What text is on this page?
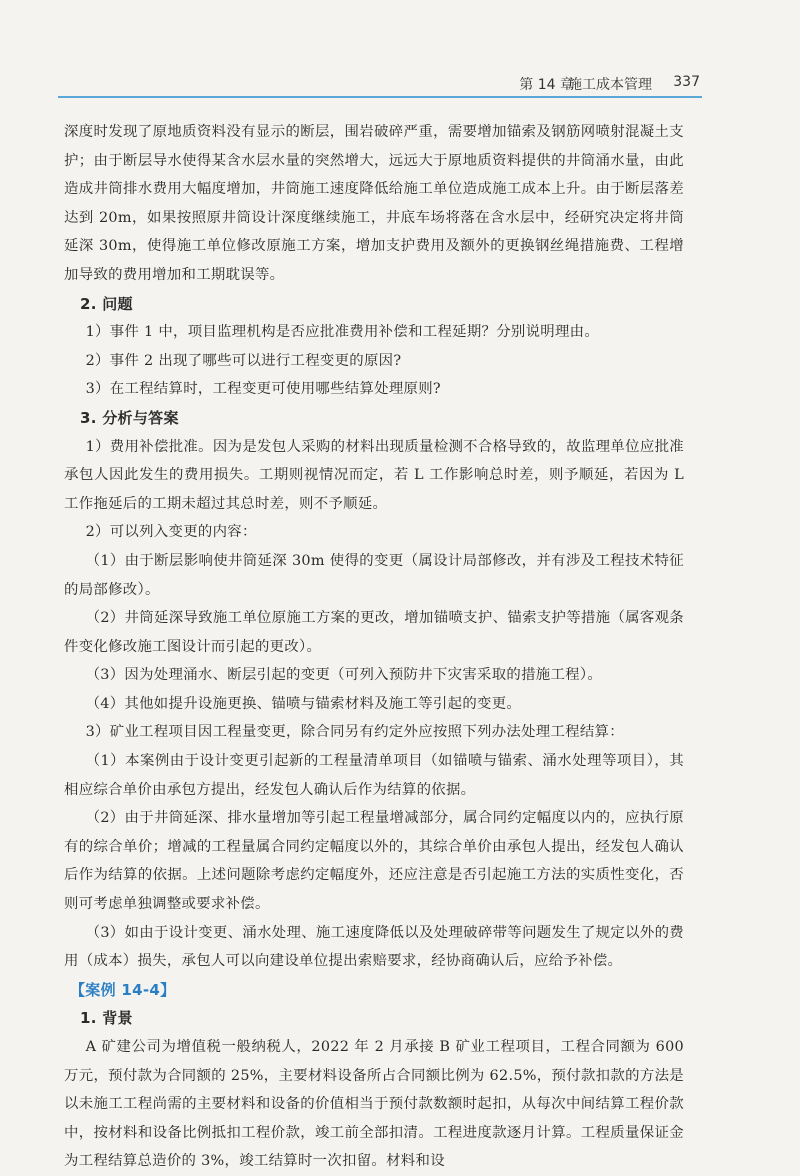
第 14 章
施工成本管理 337

深度时发现了原地质资料没有显示的断层，围岩破碎严重，需要增加锚索及钢筋网喷射混凝土支护；由于断层导水使得某含水层水量的突然增大，远远大于原地质资料提供的井筒涌水量，由此造成井筒排水费用大幅度增加，井筒施工速度降低给施工单位造成施工成本上升。由于断层落差达到 20m，如果按照原井筒设计深度继续施工，井底车场将落在含水层中，经研究决定将井筒延深 30m，使得施工单位修改原施工方案，增加支护费用及额外的更换钢丝绳措施费、工程增加导致的费用增加和工期耽误等。

2. 问题

1）事件 1 中，项目监理机构是否应批准费用补偿和工程延期？分别说明理由。

2）事件 2 出现了哪些可以进行工程变更的原因?

3）在工程结算时，工程变更可使用哪些结算处理原则?

3. 分析与答案

1）费用补偿批准。因为是发包人采购的材料出现质量检测不合格导致的，故监理单位应批准承包人因此发生的费用损失。工期则视情况而定，若 L 工作影响总时差，则予顺延，若因为 L 工作拖延后的工期未超过其总时差，则不予顺延。

2）可以列入变更的内容：

（1）由于断层影响使井筒延深 30m 使得的变更（属设计局部修改，并有涉及工程技术特征的局部修改）。

（2）井筒延深导致施工单位原施工方案的更改，增加锚喷支护、锚索支护等措施（属客观条件变化修改施工图设计而引起的更改）。

（3）因为处理涌水、断层引起的变更（可列入预防井下灾害采取的措施工程）。

（4）其他如提升设施更换、锚喷与锚索材料及施工等引起的变更。

3）矿业工程项目因工程量变更，除合同另有约定外应按照下列办法处理工程结算：

（1）本案例由于设计变更引起新的工程量清单项目（如锚喷与锚索、涌水处理等项目），其相应综合单价由承包方提出，经发包人确认后作为结算的依据。

（2）由于井筒延深、排水量增加等引起工程量增减部分，属合同约定幅度以内的，应执行原有的综合单价；增减的工程量属合同约定幅度以外的，其综合单价由承包人提出，经发包人确认后作为结算的依据。上述问题除考虑约定幅度外，还应注意是否引起施工方法的实质性变化，否则可考虑单独调整或要求补偿。

（3）如由于设计变更、涌水处理、施工速度降低以及处理破碎带等问题发生了规定以外的费用（成本）损失，承包人可以向建设单位提出索赔要求，经协商确认后，应给予补偿。

【案例 14-4】
1. 背景

A 矿建公司为增值税一般纳税人，2022 年 2 月承接 B 矿业工程项目，工程合同额为 600 万元，预付款为合同额的 25%，主要材料设备所占合同额比例为 62.5%，预付款扣款的方法是以未施工工程尚需的主要材料和设备的价值相当于预付款数额时起扣，从每次中间结算工程价款中，按材料和设备比例抵扣工程价款，竣工前全部扣清。工程进度款逐月计算。工程质量保证金为工程结算总造价的 3%，竣工结算时一次扣留。材料和设
